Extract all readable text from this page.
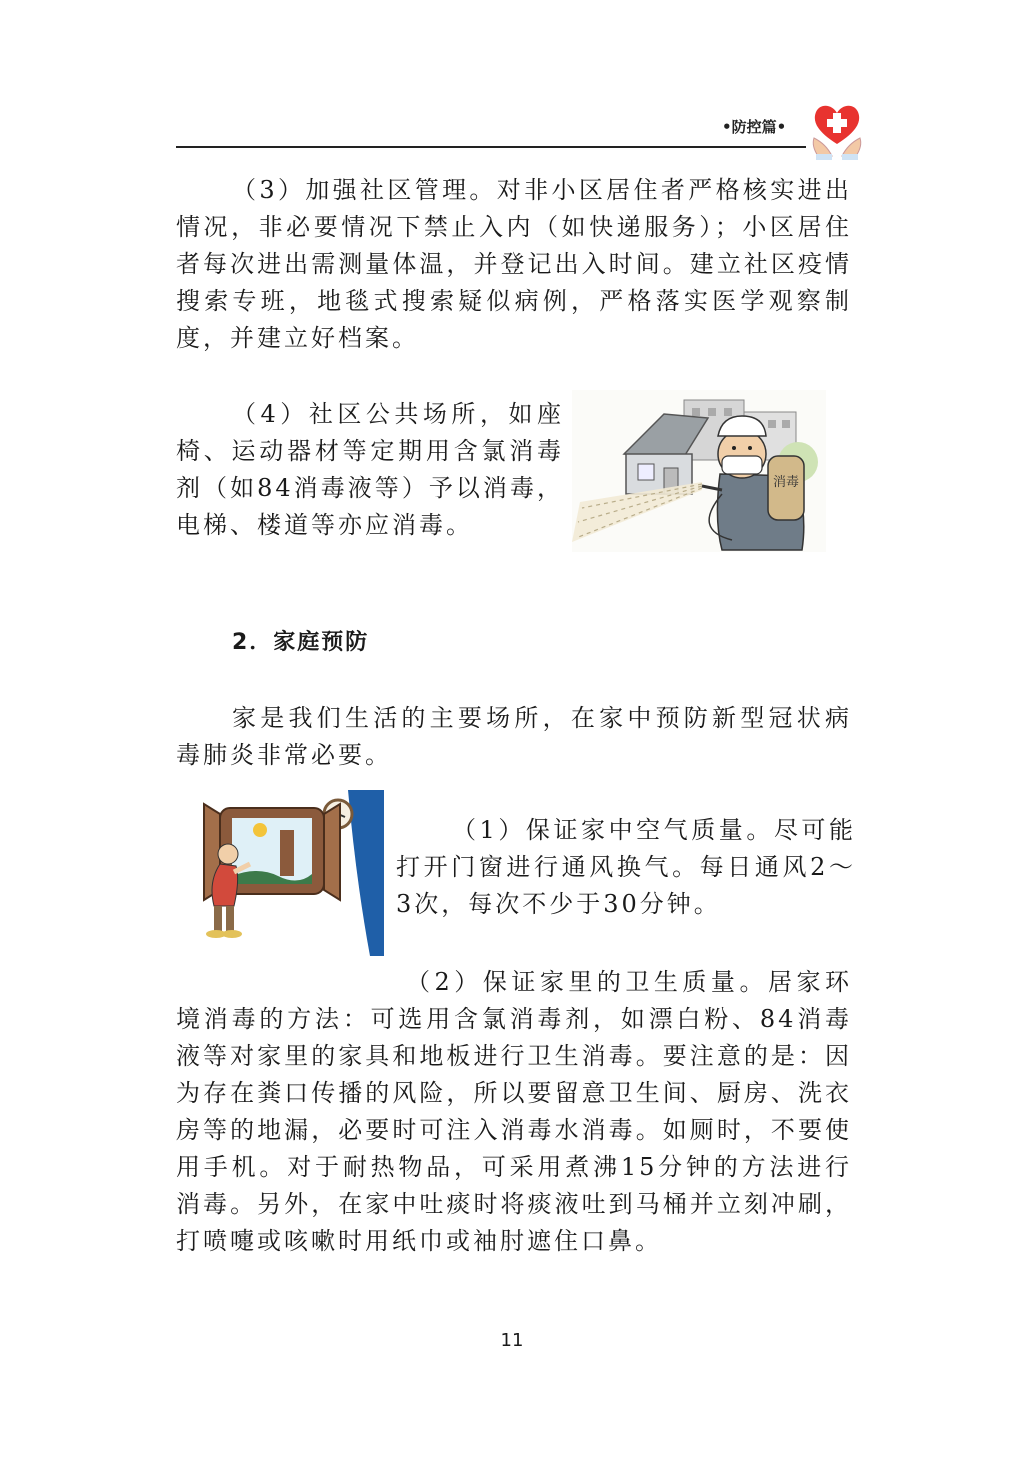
•防控篇•

（3）加强社区管理。对非小区居住者严格核实进出情况，非必要情况下禁止入内（如快递服务）；小区居住者每次进出需测量体温，并登记出入时间。建立社区疫情搜索专班，地毯式搜索疑似病例，严格落实医学观察制度，并建立好档案。

（4）社区公共场所，如座椅、运动器材等定期用含氯消毒剂（如84消毒液等）予以消毒，电梯、楼道等亦应消毒。

消毒
2．家庭预防

家是我们生活的主要场所，在家中预防新型冠状病毒肺炎非常必要。

（1）保证家中空气质量。尽可能打开门窗进行通风换气。每日通风2～3次，每次不少于30分钟。

（2）保证家里的卫生质量。居家环境消毒的方法：可选用含氯消毒剂，如漂白粉、84消毒液等对家里的家具和地板进行卫生消毒。要注意的是：因为存在粪口传播的风险，所以要留意卫生间、厨房、洗衣房等的地漏，必要时可注入消毒水消毒。如厕时，不要使用手机。对于耐热物品，可采用煮沸15分钟的方法进行消毒。另外，在家中吐痰时将痰液吐到马桶并立刻冲刷，打喷嚏或咳嗽时用纸巾或袖肘遮住口鼻。

11
